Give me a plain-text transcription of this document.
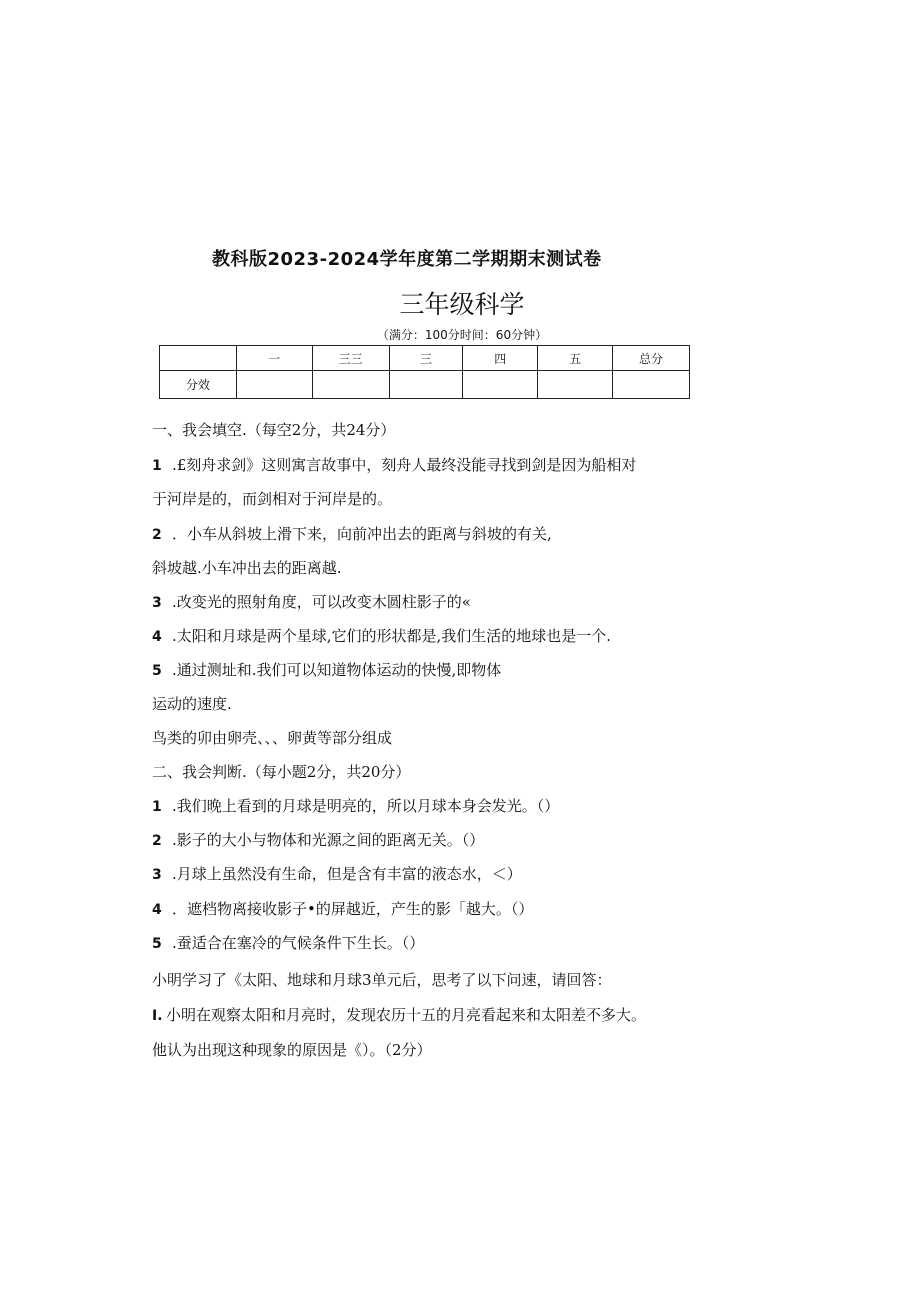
教科版2023-2024学年度第二学期期末测试卷
三年级科学
（满分：100分时间：60分钟）
	一	三三	三	四	五	总分
分效						
一、我会填空.（每空2分，共24分）
1 .£刻舟求剑》这则寓言故事中，刻舟人最终没能寻找到剑是因为船相对
于河岸是的，而剑相对于河岸是的。
2 ．小车从斜坡上滑下来，向前冲出去的距离与斜坡的有关,
斜坡越.小车冲出去的距离越.
3 .改变光的照射角度，可以改变木圆柱影子的«
4 .太阳和月球是两个星球,它们的形状都是,我们生活的地球也是一个.
5 .通过测址和.我们可以知道物体运动的快慢,即物体
运动的速度.
鸟类的卯由卵壳、、、卵黄等部分组成
二、我会判断.（每小题2分，共20分）
1 .我们晚上看到的月球是明亮的，所以月球本身会发光。（）
2 .影子的大小与物体和光源之间的距离无关。（）
3 .月球上虽然没有生命，但是含有丰富的液态水，＜）
4 ．遮档物离接收影子•的屏越近，产生的影「越大。（）
5 .蚕适合在塞冷的气候条件下生长。（）
小明学习了《太阳、地球和月球3单元后，思考了以下问速，请回答：
I. 小明在观察太阳和月亮时，发现农历十五的月亮看起来和太阳差不多大。
他认为出现这种现象的原因是《）。（2分）
